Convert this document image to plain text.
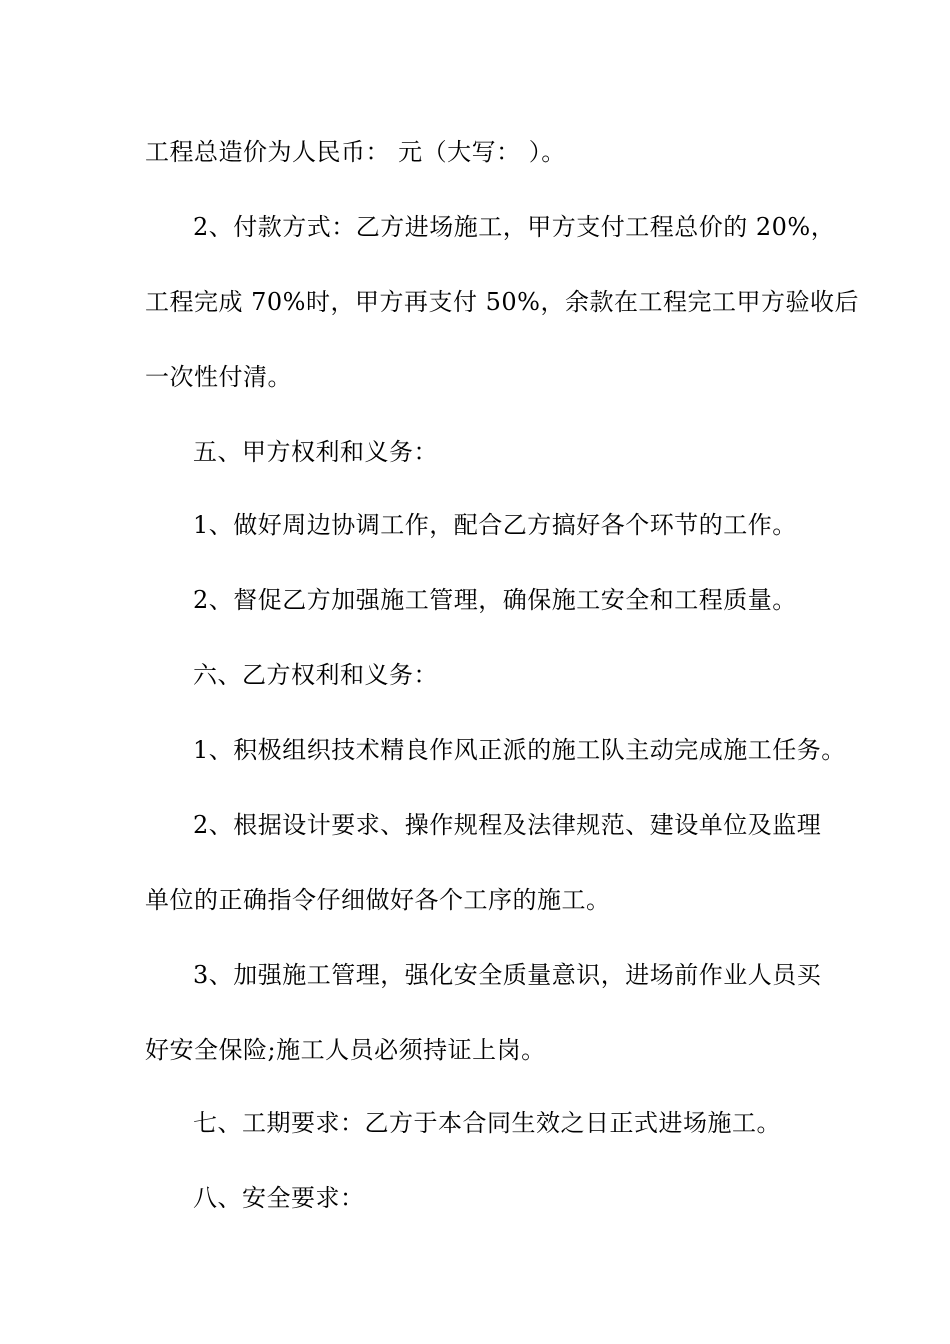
工程总造价为人民币： 元（大写： ）。
2、付款方式：乙方进场施工，甲方支付工程总价的 20%，
工程完成 70%时，甲方再支付 50%，余款在工程完工甲方验收后
一次性付清。
五、甲方权利和义务：
1、做好周边协调工作，配合乙方搞好各个环节的工作。
2、督促乙方加强施工管理，确保施工安全和工程质量。
六、乙方权利和义务：
1、积极组织技术精良作风正派的施工队主动完成施工任务。
2、根据设计要求、操作规程及法律规范、建设单位及监理
单位的正确指令仔细做好各个工序的施工。
3、加强施工管理，强化安全质量意识，进场前作业人员买
好安全保险;施工人员必须持证上岗。
七、工期要求：乙方于本合同生效之日正式进场施工。
八、安全要求：
